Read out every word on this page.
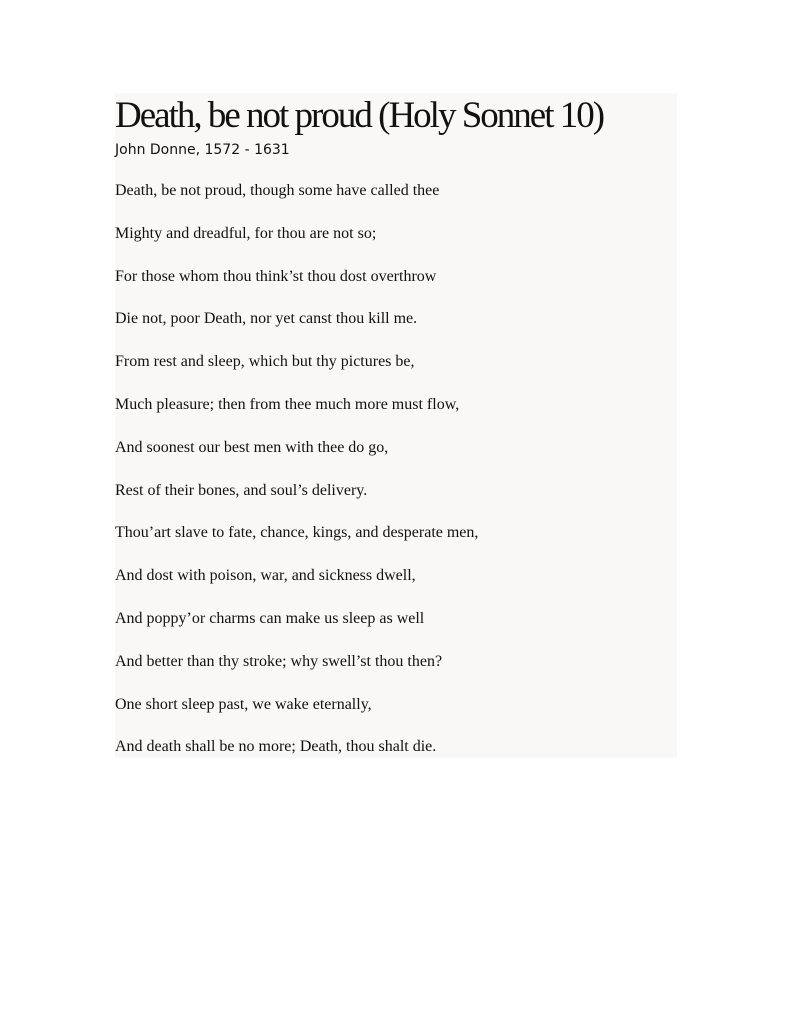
Death, be not proud (Holy Sonnet 10)

John Donne, 1572 - 1631

Death, be not proud, though some have called thee
Mighty and dreadful, for thou are not so;
For those whom thou think’st thou dost overthrow
Die not, poor Death, nor yet canst thou kill me.
From rest and sleep, which but thy pictures be,
Much pleasure; then from thee much more must flow,
And soonest our best men with thee do go,
Rest of their bones, and soul’s delivery.
Thou’art slave to fate, chance, kings, and desperate men,
And dost with poison, war, and sickness dwell,
And poppy’or charms can make us sleep as well
And better than thy stroke; why swell’st thou then?
One short sleep past, we wake eternally,
And death shall be no more; Death, thou shalt die.
